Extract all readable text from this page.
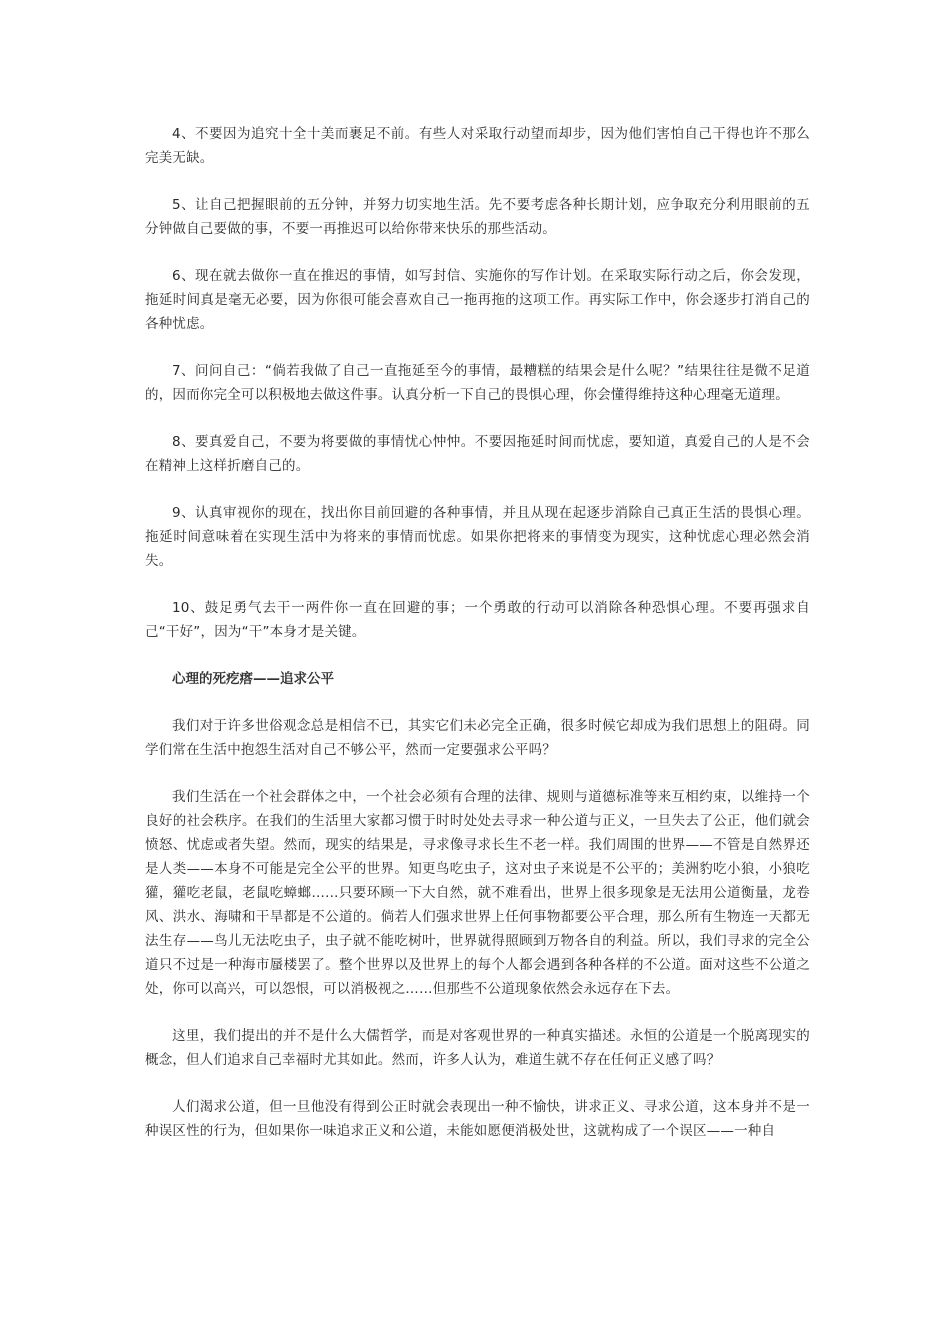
4、不要因为追究十全十美而裹足不前。有些人对采取行动望而却步，因为他们害怕自己干得也许不那么完美无缺。

5、让自己把握眼前的五分钟，并努力切实地生活。先不要考虑各种长期计划，应争取充分利用眼前的五分钟做自己要做的事，不要一再推迟可以给你带来快乐的那些活动。

6、现在就去做你一直在推迟的事情，如写封信、实施你的写作计划。在采取实际行动之后，你会发现，拖延时间真是毫无必要，因为你很可能会喜欢自己一拖再拖的这项工作。再实际工作中，你会逐步打消自己的各种忧虑。

7、问问自己：“倘若我做了自己一直拖延至今的事情，最糟糕的结果会是什么呢？”结果往往是微不足道的，因而你完全可以积极地去做这件事。认真分析一下自己的畏惧心理，你会懂得维持这种心理毫无道理。

8、要真爱自己，不要为将要做的事情忧心忡忡。不要因拖延时间而忧虑，要知道，真爱自己的人是不会在精神上这样折磨自己的。

9、认真审视你的现在，找出你目前回避的各种事情，并且从现在起逐步消除自己真正生活的畏惧心理。拖延时间意味着在实现生活中为将来的事情而忧虑。如果你把将来的事情变为现实，这种忧虑心理必然会消失。

10、鼓足勇气去干一两件你一直在回避的事；一个勇敢的行动可以消除各种恐惧心理。不要再强求自己“干好”，因为“干”本身才是关键。

心理的死疙瘩——追求公平

我们对于许多世俗观念总是相信不已，其实它们未必完全正确，很多时候它却成为我们思想上的阻碍。同学们常在生活中抱怨生活对自己不够公平，然而一定要强求公平吗？

我们生活在一个社会群体之中，一个社会必须有合理的法律、规则与道德标准等来互相约束，以维持一个良好的社会秩序。在我们的生活里大家都习惯于时时处处去寻求一种公道与正义，一旦失去了公正，他们就会愤怒、忧虑或者失望。然而，现实的结果是，寻求像寻求长生不老一样。我们周围的世界——不管是自然界还是人类——本身不可能是完全公平的世界。知更鸟吃虫子，这对虫子来说是不公平的；美洲豹吃小狼，小狼吃獾，獾吃老鼠，老鼠吃蟑螂……只要环顾一下大自然，就不难看出，世界上很多现象是无法用公道衡量，龙卷风、洪水、海啸和干旱都是不公道的。倘若人们强求世界上任何事物都要公平合理，那么所有生物连一天都无法生存——鸟儿无法吃虫子，虫子就不能吃树叶，世界就得照顾到万物各自的利益。所以，我们寻求的完全公道只不过是一种海市蜃楼罢了。整个世界以及世界上的每个人都会遇到各种各样的不公道。面对这些不公道之处，你可以高兴，可以怨恨，可以消极视之……但那些不公道现象依然会永远存在下去。

这里，我们提出的并不是什么大儒哲学，而是对客观世界的一种真实描述。永恒的公道是一个脱离现实的概念，但人们追求自己幸福时尤其如此。然而，许多人认为，难道生就不存在任何正义感了吗？

人们渴求公道，但一旦他没有得到公正时就会表现出一种不愉快，讲求正义、寻求公道，这本身并不是一种误区性的行为，但如果你一味追求正义和公道，未能如愿便消极处世，这就构成了一个误区——一种自
